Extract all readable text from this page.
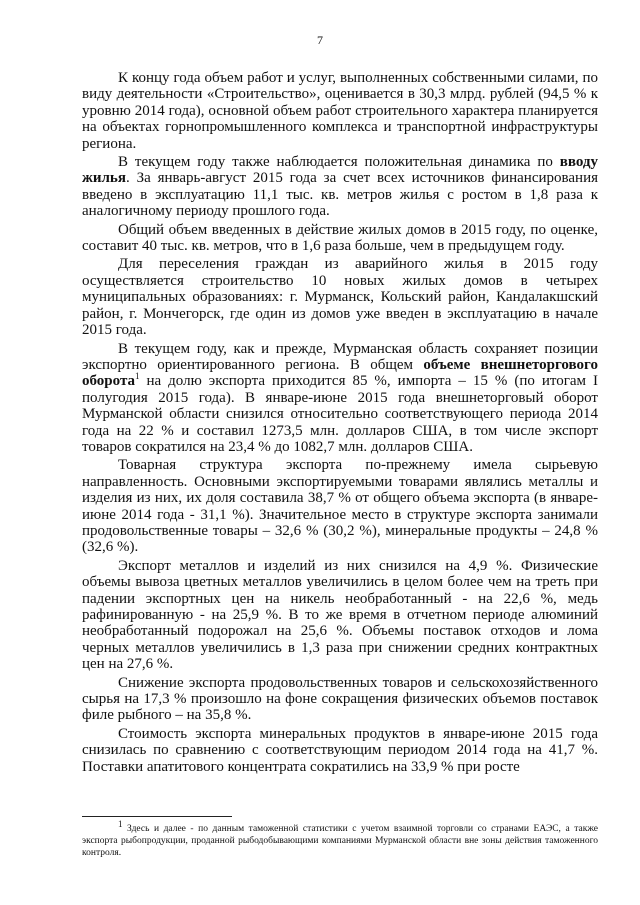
7

К концу года объем работ и услуг, выполненных собственными силами, по виду деятельности «Строительство», оценивается в 30,3 млрд. рублей (94,5 % к уровню 2014 года), основной объем работ строительного характера планируется на объектах горнопромышленного комплекса и транспортной инфраструктуры региона.

В текущем году также наблюдается положительная динамика по вводу жилья. За январь-август 2015 года за счет всех источников финансирования введено в эксплуатацию 11,1 тыс. кв. метров жилья с ростом в 1,8 раза к аналогичному периоду прошлого года.

Общий объем введенных в действие жилых домов в 2015 году, по оценке, составит 40 тыс. кв. метров, что в 1,6 раза больше, чем в предыдущем году.

Для переселения граждан из аварийного жилья в 2015 году осуществляется строительство 10 новых жилых домов в четырех муниципальных образованиях: г. Мурманск, Кольский район, Кандалакшский район, г. Мончегорск, где один из домов уже введен в эксплуатацию в начале 2015 года.

В текущем году, как и прежде, Мурманская область сохраняет позиции экспортно ориентированного региона. В общем объеме внешнеторгового оборота$^1$ на долю экспорта приходится 85 %, импорта – 15 % (по итогам I полугодия 2015 года). В январе-июне 2015 года внешнеторговый оборот Мурманской области снизился относительно соответствующего периода 2014 года на 22 % и составил 1273,5 млн. долларов США, в том числе экспорт товаров сократился на 23,4 % до 1082,7 млн. долларов США.

Товарная структура экспорта по-прежнему имела сырьевую направленность. Основными экспортируемыми товарами являлись металлы и изделия из них, их доля составила 38,7 % от общего объема экспорта (в январе-июне 2014 года - 31,1 %). Значительное место в структуре экспорта занимали продовольственные товары – 32,6 % (30,2 %), минеральные продукты – 24,8 % (32,6 %).

Экспорт металлов и изделий из них снизился на 4,9 %. Физические объемы вывоза цветных металлов увеличились в целом более чем на треть при падении экспортных цен на никель необработанный - на 22,6 %, медь рафинированную - на 25,9 %. В то же время в отчетном периоде алюминий необработанный подорожал на 25,6 %. Объемы поставок отходов и лома черных металлов увеличились в 1,3 раза при снижении средних контрактных цен на 27,6 %.

Снижение экспорта продовольственных товаров и сельскохозяйственного сырья на 17,3 % произошло на фоне сокращения физических объемов поставок филе рыбного – на 35,8 %.

Стоимость экспорта минеральных продуктов в январе-июне 2015 года снизилась по сравнению с соответствующим периодом 2014 года на 41,7 %. Поставки апатитового концентрата сократились на 33,9 % при росте

$^1$ Здесь и далее - по данным таможенной статистики с учетом взаимной торговли со странами ЕАЭС, а также экспорта рыбопродукции, проданной рыбодобывающими компаниями Мурманской области вне зоны действия таможенного контроля.
